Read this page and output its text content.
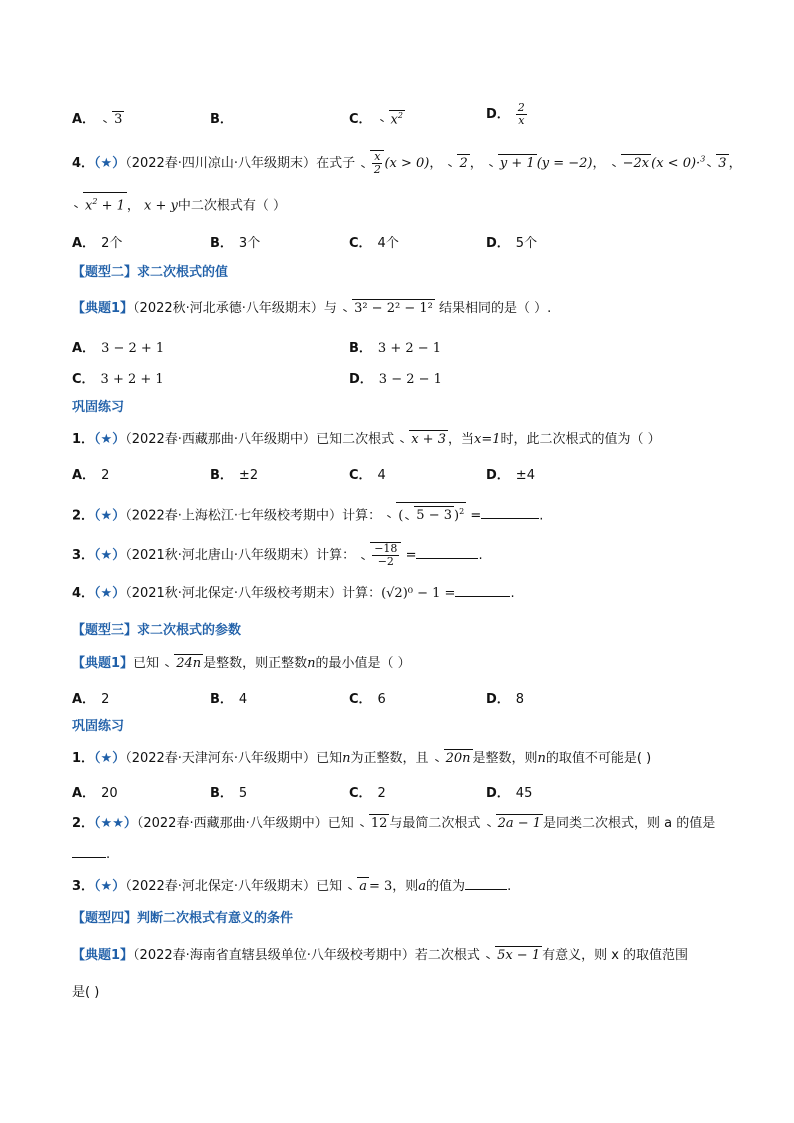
A． 3	B．	C． $x^2$	D． $\frac{2}{x}$
4．（★）（2022春·四川凉山·八年级期末）在式子 $\frac{x}{2} (x > 0)$， 2 ， y + 1 (y = −2)， −2x (x < 0)·$^3$ 3 ，
$x^2 + 1$ ， x + y中二次根式有（ ）
A． 2个	B． 3个	C． 4个	D． 5个
【题型二】求二次根式的值
【典题1】（2022秋·河北承德·八年级期末）与 3² − 2² − 1² 结果相同的是（ ）.
A． 3 − 2 + 1	B． 3 + 2 − 1
C． 3 + 2 + 1	D． 3 − 2 − 1
巩固练习
1．（★）（2022春·西藏那曲·八年级期中）已知二次根式 x + 3 ，当x=1时，此二次根式的值为（ ）
A． 2	B． ±2	C． 4	D． ±4
2．（★）（2022春·上海松江·七年级校考期中）计算： ( 5 − 3 )$^2$ =	.
3．（★）（2021秋·河北唐山·八年级期末）计算： $\frac{-18}{-2}$ =	.
4．（★）（2021秋·河北保定·八年级校考期末）计算：(√2)⁰ − 1 =	.
【题型三】求二次根式的参数
【典题1】已知 24n 是整数，则正整数n的最小值是（ ）
A． 2	B． 4	C． 6	D． 8
巩固练习
1．（★）（2022春·天津河东·八年级期中）已知n为正整数，且 20n 是整数，则n的取值不可能是( )
A． 20	B． 5	C． 2	D． 45
2．（★★）（2022春·西藏那曲·八年级期中）已知 12 与最简二次根式 2a − 1 是同类二次根式，则 a 的值是
.
3．（★）（2022春·河北保定·八年级期末）已知 a = 3，则a的值为	.
【题型四】判断二次根式有意义的条件
【典题1】（2022春·海南省直辖县级单位·八年级校考期中）若二次根式 5x − 1 有意义，则 x 的取值范围
是( )
